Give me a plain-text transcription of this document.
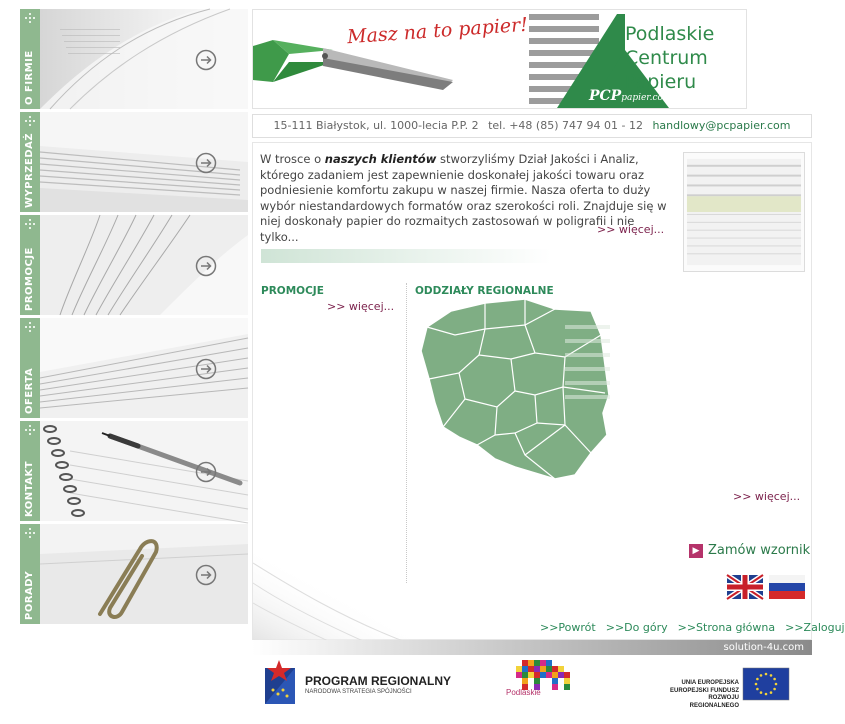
O FIRMIE
WYPRZEDAŻ
PROMOCJE
OFERTA
KONTAKT
PORADY
Masz na to papier!	Podlaskie
Centrum
Papieru
PCPpapier.com
15-111 Białystok, ul. 1000-lecia P.P. 2 tel. +48 (85) 747 94 01 - 12 handlowy@pcpapier.com
W trosce o naszych klientów stworzyliśmy Dział Jakości i Analiz, którego zadaniem jest zapewnienie doskonałej jakości towaru oraz podniesienie komfortu zakupu w naszej firmie. Nasza oferta to duży wybór niestandardowych formatów oraz szerokości roli. Znajduje się w niej doskonały papier do rozmaitych zastosowań w poligrafii i nie tylko...	>> więcej...
PROMOCJE
>> więcej...
ODDZIAŁY REGIONALNE
>> więcej...
▶ Zamów wzornik
>>Powrót >>Do góry >>Strona główna >>Zaloguj
solution-4u.com
PROGRAM REGIONALNY
NARODOWA STRATEGIA SPÓJNOŚCI	Podlaskie
UNIA EUROPEJSKA
EUROPEJSKI FUNDUSZ
ROZWOJU REGIONALNEGO
